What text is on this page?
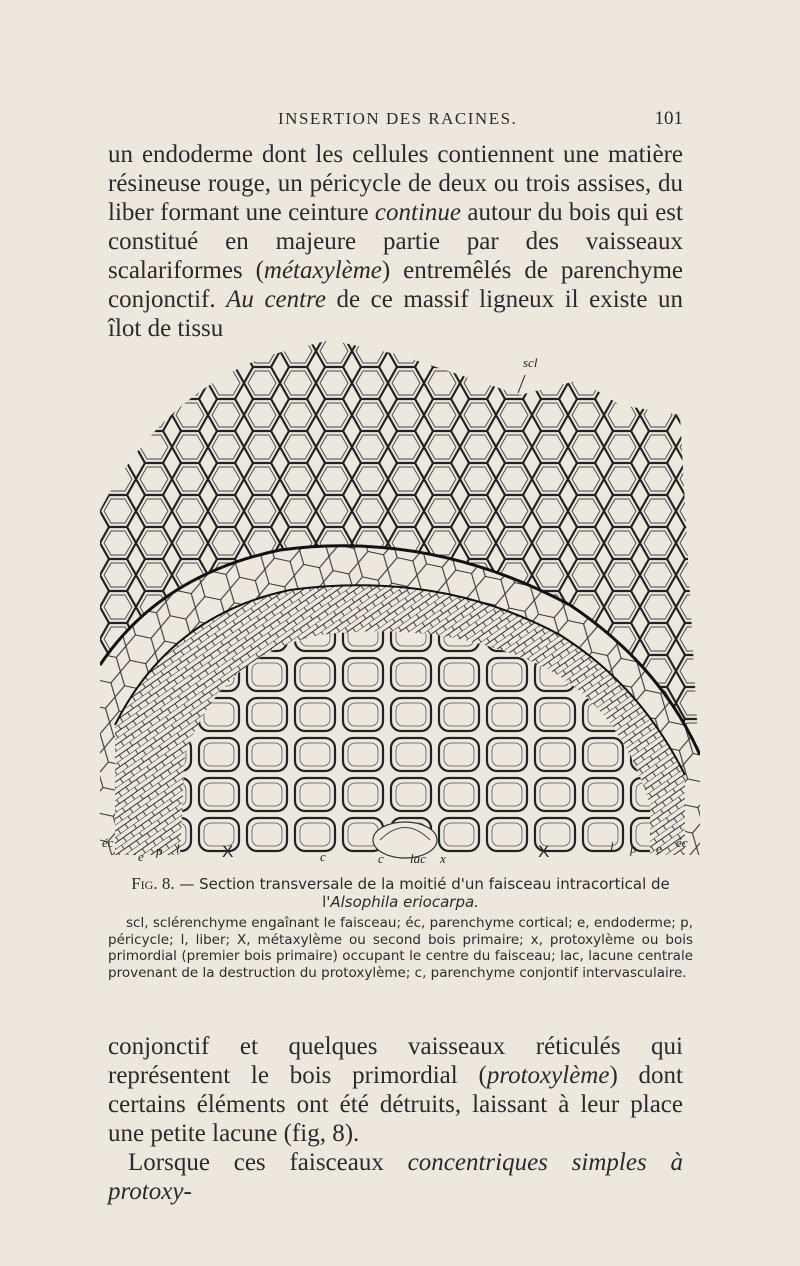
INSERTION DES RACINES.	101

un endoderme dont les cellules contiennent une matière résineuse rouge, un péricycle de deux ou trois assises, du liber formant une ceinture continue autour du bois qui est constitué en majeure partie par des vaisseaux scalariformes (métaxylème) entremêlés de parenchyme conjonctif. Au centre de ce massif ligneux il existe un îlot de tissu

scl
éc
e p l X	c	c lac x	X	l p e éc
Fig. 8. — Section transversale de la moitié d'un faisceau intracortical de l'Alsophila eriocarpa.
scl, sclérenchyme engaînant le faisceau; éc, parenchyme cortical; e, endoderme; p, péricycle; l, liber; X, métaxylème ou second bois primaire; x, protoxylème ou bois primordial (premier bois primaire) occupant le centre du faisceau; lac, lacune centrale provenant de la destruction du protoxylème; c, parenchyme conjontif intervasculaire.

conjonctif et quelques vaisseaux réticulés qui représentent le bois primordial (protoxylème) dont certains éléments ont été détruits, laissant à leur place une petite lacune (fig, 8).

Lorsque ces faisceaux concentriques simples à protoxy-
